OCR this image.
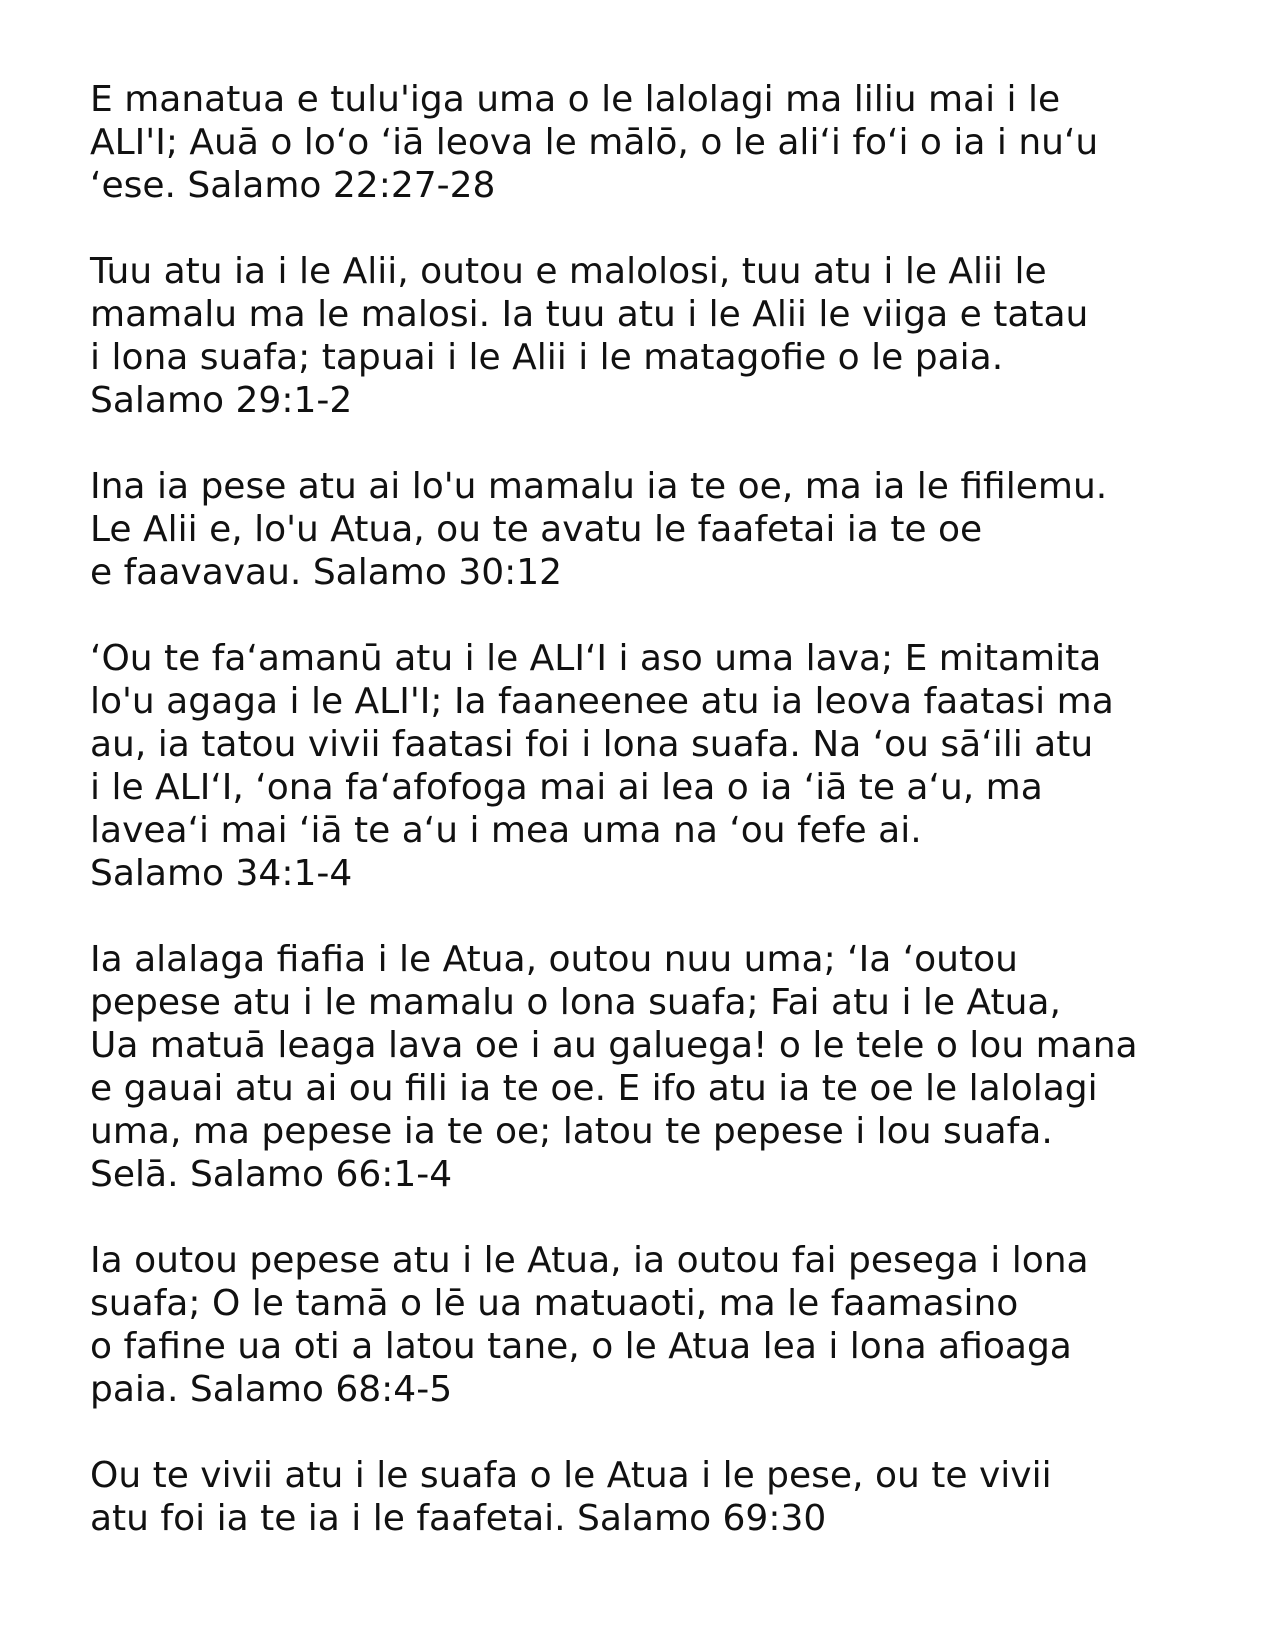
E manatua e tulu'iga uma o le lalolagi ma liliu mai i le
ALI'I; Auā o lo‘o ‘iā leova le mālō, o le ali‘i fo‘i o ia i nu‘u
‘ese. Salamo 22:27-28
Tuu atu ia i le Alii, outou e malolosi, tuu atu i le Alii le
mamalu ma le malosi. Ia tuu atu i le Alii le viiga e tatau
i lona suafa; tapuai i le Alii i le matagofie o le paia.
Salamo 29:1-2
Ina ia pese atu ai lo'u mamalu ia te oe, ma ia le fifilemu.
Le Alii e, lo'u Atua, ou te avatu le faafetai ia te oe
e faavavau. Salamo 30:12
‘Ou te fa‘amanū atu i le ALI‘I i aso uma lava; E mitamita
lo'u agaga i le ALI'I; Ia faaneenee atu ia leova faatasi ma
au, ia tatou vivii faatasi foi i lona suafa. Na ‘ou sā‘ili atu
i le ALI‘I, ‘ona fa‘afofoga mai ai lea o ia ‘iā te a‘u, ma
lavea‘i mai ‘iā te a‘u i mea uma na ‘ou fefe ai.
Salamo 34:1-4
Ia alalaga fiafia i le Atua, outou nuu uma; ‘Ia ‘outou
pepese atu i le mamalu o lona suafa; Fai atu i le Atua,
Ua matuā leaga lava oe i au galuega! o le tele o lou mana
e gauai atu ai ou fili ia te oe. E ifo atu ia te oe le lalolagi
uma, ma pepese ia te oe; latou te pepese i lou suafa.
Selā. Salamo 66:1-4
Ia outou pepese atu i le Atua, ia outou fai pesega i lona
suafa; O le tamā o lē ua matuaoti, ma le faamasino
o fafine ua oti a latou tane, o le Atua lea i lona afioaga
paia. Salamo 68:4-5
Ou te vivii atu i le suafa o le Atua i le pese, ou te vivii
atu foi ia te ia i le faafetai. Salamo 69:30
